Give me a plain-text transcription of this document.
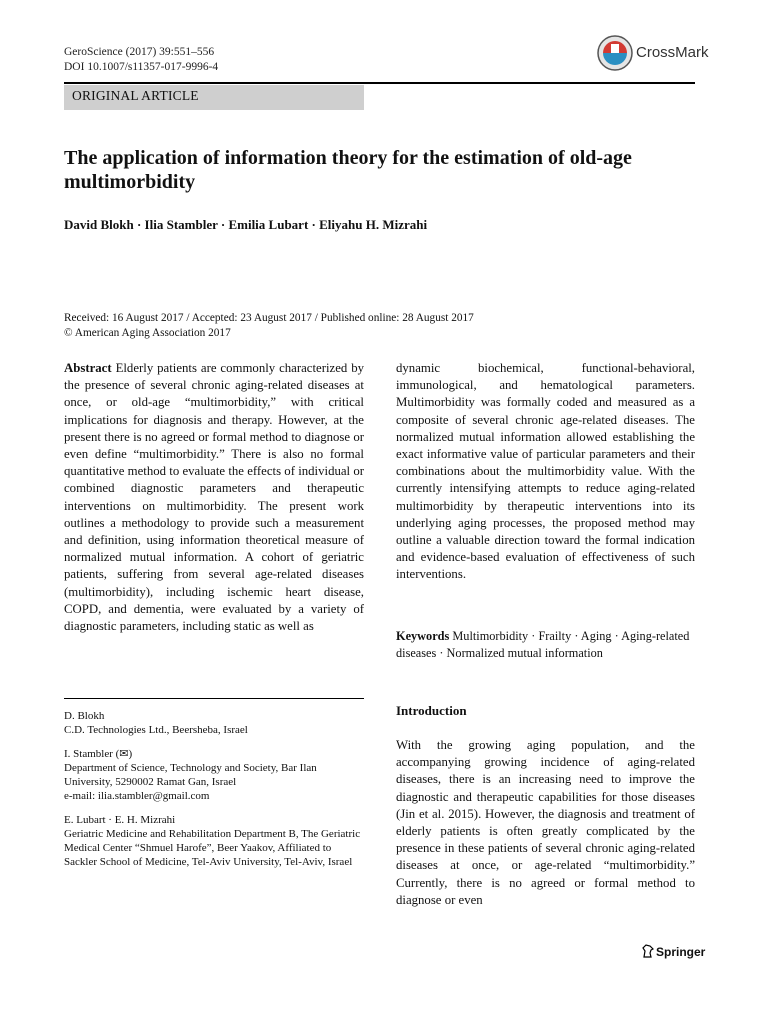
GeroScience (2017) 39:551–556
DOI 10.1007/s11357-017-9996-4
CrossMark
ORIGINAL ARTICLE
The application of information theory for the estimation of old-age multimorbidity
David Blokh · Ilia Stambler · Emilia Lubart · Eliyahu H. Mizrahi
Received: 16 August 2017 / Accepted: 23 August 2017 / Published online: 28 August 2017
© American Aging Association 2017
Abstract Elderly patients are commonly characterized by the presence of several chronic aging-related diseases at once, or old-age “multimorbidity,” with critical implications for diagnosis and therapy. However, at the present there is no agreed or formal method to diagnose or even define “multimorbidity.” There is also no formal quantitative method to evaluate the effects of individual or combined diagnostic parameters and therapeutic interventions on multimorbidity. The present work outlines a methodology to provide such a measurement and definition, using information theoretical measure of normalized mutual information. A cohort of geriatric patients, suffering from several age-related diseases (multimorbidity), including ischemic heart disease, COPD, and dementia, were evaluated by a variety of diagnostic parameters, including static as well as
dynamic biochemical, functional-behavioral, immunological, and hematological parameters. Multimorbidity was formally coded and measured as a composite of several chronic age-related diseases. The normalized mutual information allowed establishing the exact informative value of particular parameters and their combinations about the multimorbidity value. With the currently intensifying attempts to reduce aging-related multimorbidity by therapeutic interventions into its underlying aging processes, the proposed method may outline a valuable direction toward the formal indication and evidence-based evaluation of effectiveness of such interventions.
Keywords Multimorbidity · Frailty · Aging · Aging-related diseases · Normalized mutual information

D. Blokh
C.D. Technologies Ltd., Beersheba, Israel

I. Stambler (✉)
Department of Science, Technology and Society, Bar Ilan University, 5290002 Ramat Gan, Israel
e-mail: ilia.stambler@gmail.com

E. Lubart · E. H. Mizrahi
Geriatric Medicine and Rehabilitation Department B, The Geriatric Medical Center “Shmuel Harofe”, Beer Yaakov, Affiliated to Sackler School of Medicine, Tel-Aviv University, Tel-Aviv, Israel

Introduction
With the growing aging population, and the accompanying growing incidence of aging-related diseases, there is an increasing need to improve the diagnostic and therapeutic capabilities for those diseases (Jin et al. 2015). However, the diagnosis and treatment of elderly patients is often greatly complicated by the presence in these patients of several chronic aging-related diseases at once, or age-related “multimorbidity.” Currently, there is no agreed or formal method to diagnose or even
Springer
